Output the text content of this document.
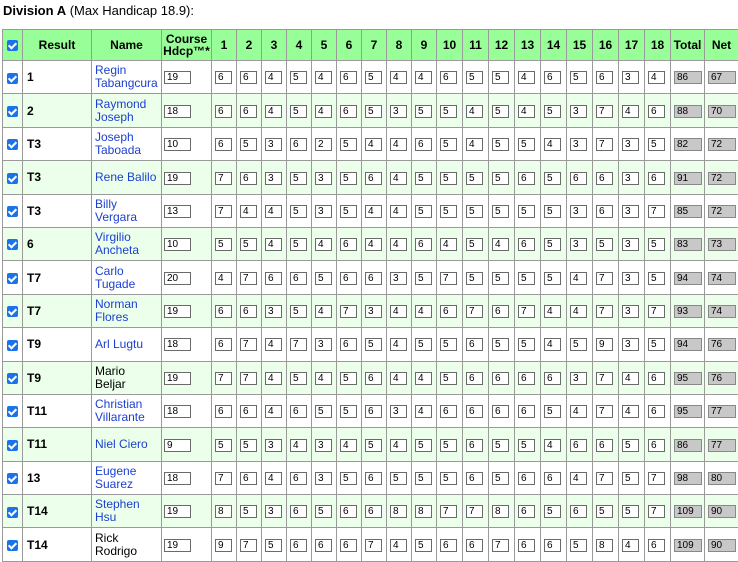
Division A (Max Handicap 18.9):
	Result	Name	Course
Hdcp™*	1	2	3	4	5	6	7	8	9	10	11	12	13	14	15	16	17	18	Total	Net
	1	Regin
Tabangcura	19	6	6	4	5	4	6	5	4	4	6	5	5	4	6	5	6	3	4	86	67
	2	Raymond
Joseph	18	6	6	4	5	4	6	5	3	5	5	4	5	4	5	3	7	4	6	88	70
	T3	Joseph
Taboada	10	6	5	3	6	2	5	4	4	6	5	4	5	5	4	3	7	3	5	82	72
	T3	Rene Balilo	19	7	6	3	5	3	5	6	4	5	5	5	5	6	5	6	6	3	6	91	72
	T3	Billy
Vergara	13	7	4	4	5	3	5	4	4	5	5	5	5	5	5	3	6	3	7	85	72
	6	Virgilio
Ancheta	10	5	5	4	5	4	6	4	4	6	4	5	4	6	5	3	5	3	5	83	73
	T7	Carlo
Tugade	20	4	7	6	6	5	6	6	3	5	7	5	5	5	5	4	7	3	5	94	74
	T7	Norman
Flores	19	6	6	3	5	4	7	3	4	4	6	7	6	7	4	4	7	3	7	93	74
	T9	Arl Lugtu	18	6	7	4	7	3	6	5	4	5	5	6	5	5	4	5	9	3	5	94	76
	T9	Mario
Beljar	19	7	7	4	5	4	5	6	4	4	5	6	6	6	6	3	7	4	6	95	76
	T11	Christian
Villarante	18	6	6	4	6	5	5	6	3	4	6	6	6	6	5	4	7	4	6	95	77
	T11	Niel Ciero	9	5	5	3	4	3	4	5	4	5	5	6	5	5	4	6	6	5	6	86	77
	13	Eugene
Suarez	18	7	6	4	6	3	5	6	5	5	5	6	5	6	6	4	7	5	7	98	80
	T14	Stephen
Hsu	19	8	5	3	6	5	6	6	8	8	7	7	8	6	5	6	5	5	7	109	90
	T14	Rick
Rodrigo	19	9	7	5	6	6	6	7	4	5	6	6	7	6	6	5	8	4	6	109	90
